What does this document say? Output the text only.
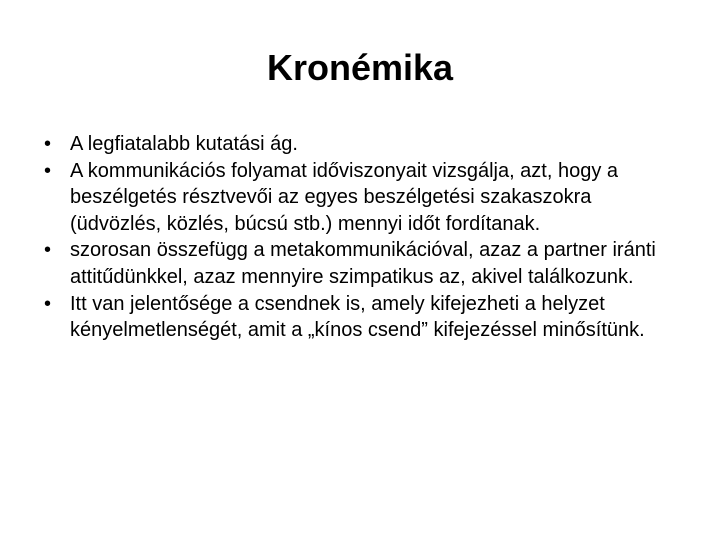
Kronémika
• A legfiatalabb kutatási ág.
• A kommunikációs folyamat időviszonyait vizsgálja, azt, hogy a beszélgetés résztvevői az egyes beszélgetési szakaszokra (üdvözlés, közlés, búcsú stb.) mennyi időt fordítanak.
• szorosan összefügg a metakommunikációval, azaz a partner iránti attitűdünkkel, azaz mennyire szimpatikus az, akivel találkozunk.
• Itt van jelentősége a csendnek is, amely kifejezheti a helyzet kényelmetlenségét, amit a „kínos csend” kifejezéssel minősítünk.
